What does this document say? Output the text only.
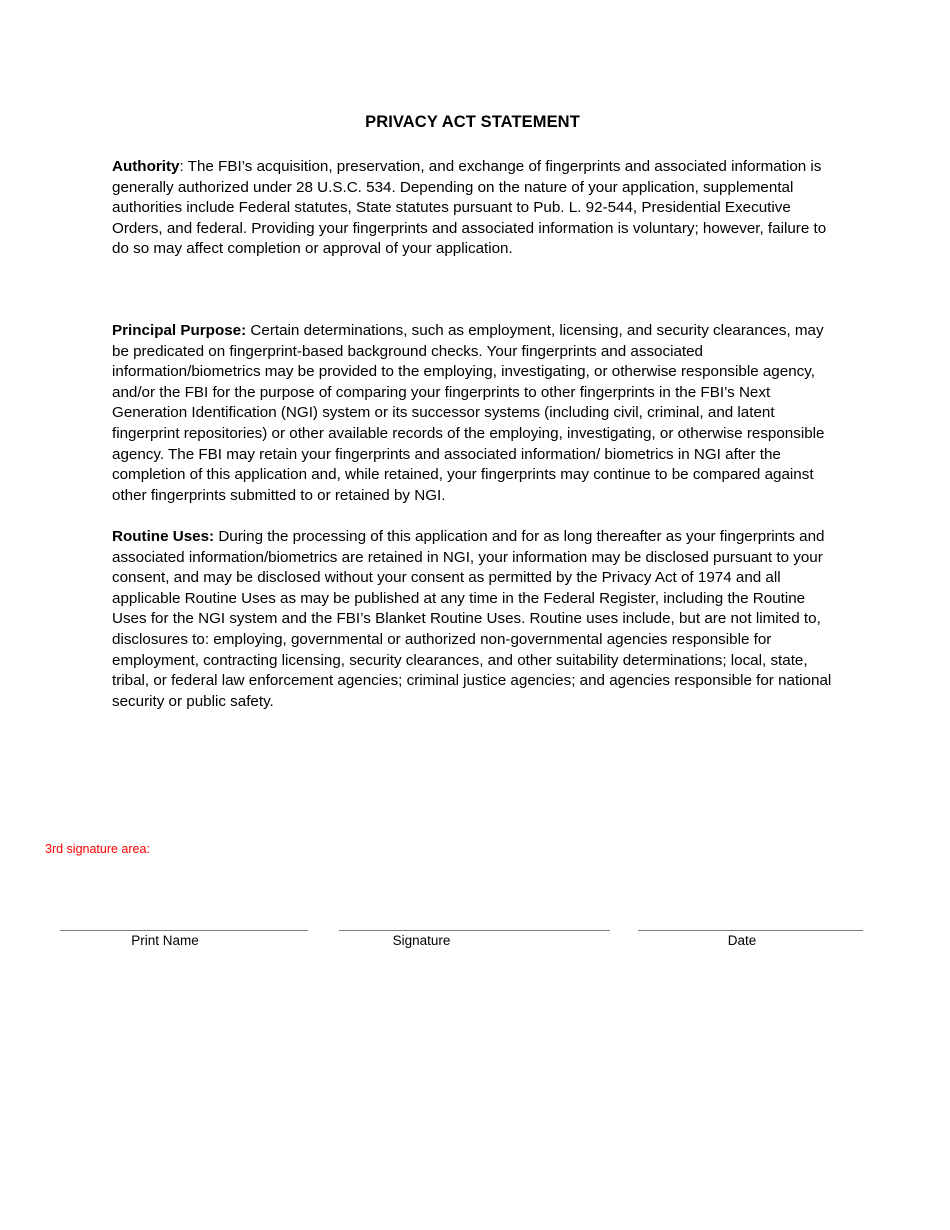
PRIVACY ACT STATEMENT
Authority: The FBI’s acquisition, preservation, and exchange of fingerprints and associated information is generally authorized under 28 U.S.C. 534. Depending on the nature of your application, supplemental authorities include Federal statutes, State statutes pursuant to Pub. L. 92-544, Presidential Executive Orders, and federal. Providing your fingerprints and associated information is voluntary; however, failure to do so may affect completion or approval of your application.
Principal Purpose: Certain determinations, such as employment, licensing, and security clearances, may be predicated on fingerprint-based background checks. Your fingerprints and associated information/biometrics may be provided to the employing, investigating, or otherwise responsible agency, and/or the FBI for the purpose of comparing your fingerprints to other fingerprints in the FBI’s Next Generation Identification (NGI) system or its successor systems (including civil, criminal, and latent fingerprint repositories) or other available records of the employing, investigating, or otherwise responsible agency. The FBI may retain your fingerprints and associated information/ biometrics in NGI after the completion of this application and, while retained, your fingerprints may continue to be compared against other fingerprints submitted to or retained by NGI.
Routine Uses: During the processing of this application and for as long thereafter as your fingerprints and associated information/biometrics are retained in NGI, your information may be disclosed pursuant to your consent, and may be disclosed without your consent as permitted by the Privacy Act of 1974 and all applicable Routine Uses as may be published at any time in the Federal Register, including the Routine Uses for the NGI system and the FBI’s Blanket Routine Uses. Routine uses include, but are not limited to, disclosures to: employing, governmental or authorized non-governmental agencies responsible for employment, contracting licensing, security clearances, and other suitability determinations; local, state, tribal, or federal law enforcement agencies; criminal justice agencies; and agencies responsible for national security or public safety.
3rd signature area:
Print Name	Signature	Date
